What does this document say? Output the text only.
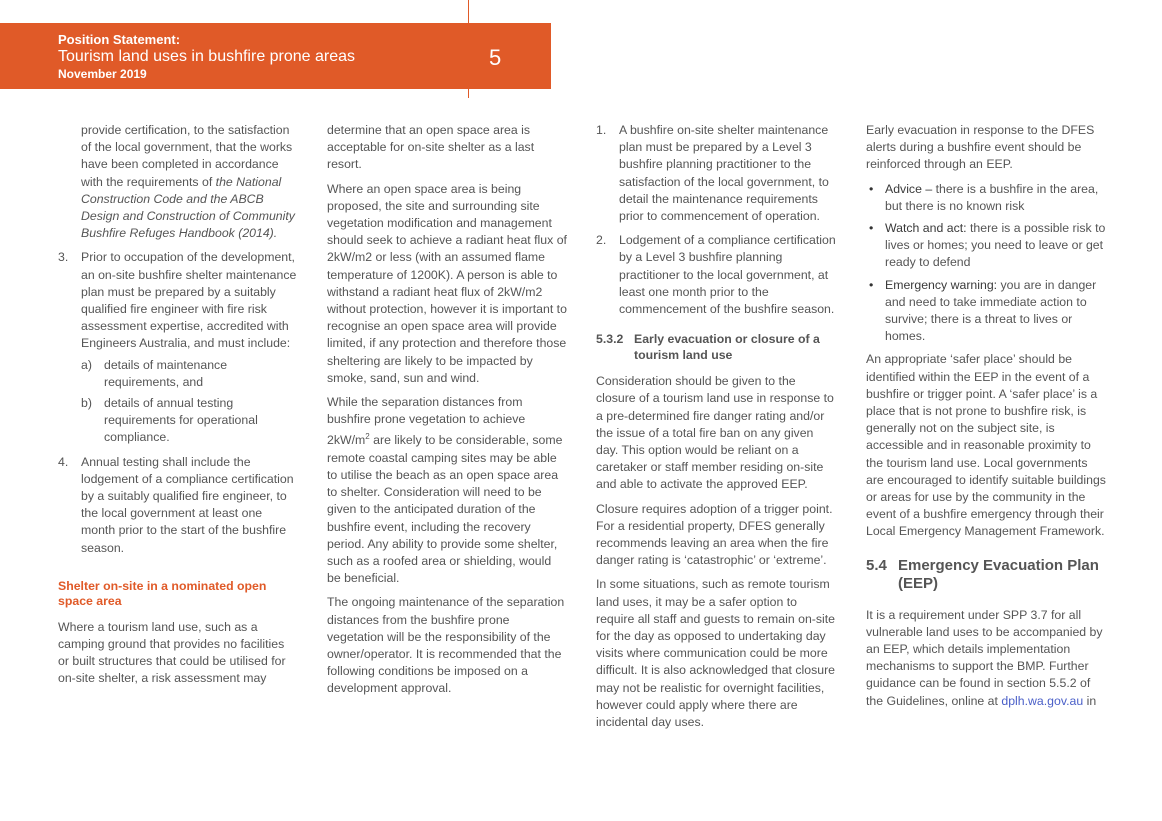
Position Statement:
Tourism land uses in bushfire prone areas
November 2019
5

provide certification, to the satisfaction of the local government, that the works have been completed in accordance with the requirements of the National Construction Code and the ABCB Design and Construction of Community Bushfire Refuges Handbook (2014).

3. Prior to occupation of the development, an on-site bushfire shelter maintenance plan must be prepared by a suitably qualified fire engineer with fire risk assessment expertise, accredited with Engineers Australia, and must include:
a) details of maintenance requirements, and
b) details of annual testing requirements for operational compliance.
4. Annual testing shall include the lodgement of a compliance certification by a suitably qualified fire engineer, to the local government at least one month prior to the start of the bushfire season.
Shelter on-site in a nominated open space area

Where a tourism land use, such as a camping ground that provides no facilities or built structures that could be utilised for on-site shelter, a risk assessment may

determine that an open space area is acceptable for on-site shelter as a last resort.

Where an open space area is being proposed, the site and surrounding site vegetation modification and management should seek to achieve a radiant heat flux of 2kW/m2 or less (with an assumed flame temperature of 1200K). A person is able to withstand a radiant heat flux of 2kW/m2 without protection, however it is important to recognise an open space area will provide limited, if any protection and therefore those sheltering are likely to be impacted by smoke, sand, sun and wind.

While the separation distances from bushfire prone vegetation to achieve $2kW/m^2$ are likely to be considerable, some remote coastal camping sites may be able to utilise the beach as an open space area to shelter. Consideration will need to be given to the anticipated duration of the bushfire event, including the recovery period. Any ability to provide some shelter, such as a roofed area or shielding, would be beneficial.

The ongoing maintenance of the separation distances from the bushfire prone vegetation will be the responsibility of the owner/operator. It is recommended that the following conditions be imposed on a development approval.

1. A bushfire on-site shelter maintenance plan must be prepared by a Level 3 bushfire planning practitioner to the satisfaction of the local government, to detail the maintenance requirements prior to commencement of operation.
2. Lodgement of a compliance certification by a Level 3 bushfire planning practitioner to the local government, at least one month prior to the commencement of the bushfire season.
5.3.2 Early evacuation or closure of a tourism land use

Consideration should be given to the closure of a tourism land use in response to a pre-determined fire danger rating and/or the issue of a total fire ban on any given day. This option would be reliant on a caretaker or staff member residing on-site and able to activate the approved EEP.

Closure requires adoption of a trigger point. For a residential property, DFES generally recommends leaving an area when the fire danger rating is ‘catastrophic’ or ‘extreme’.

In some situations, such as remote tourism land uses, it may be a safer option to require all staff and guests to remain on-site for the day as opposed to undertaking day visits where communication could be more difficult. It is also acknowledged that closure may not be realistic for overnight facilities, however could apply where there are incidental day uses.

Early evacuation in response to the DFES alerts during a bushfire event should be reinforced through an EEP.

• Advice – there is a bushfire in the area, but there is no known risk
• Watch and act: there is a possible risk to lives or homes; you need to leave or get ready to defend
• Emergency warning: you are in danger and need to take immediate action to survive; there is a threat to lives or homes.

An appropriate ‘safer place’ should be identified within the EEP in the event of a bushfire or trigger point. A ‘safer place’ is a place that is not prone to bushfire risk, is generally not on the subject site, is accessible and in reasonable proximity to the tourism land use. Local governments are encouraged to identify suitable buildings or areas for use by the community in the event of a bushfire emergency through their Local Emergency Management Framework.

5.4 Emergency Evacuation Plan (EEP)

It is a requirement under SPP 3.7 for all vulnerable land uses to be accompanied by an EEP, which details implementation mechanisms to support the BMP. Further guidance can be found in section 5.5.2 of the Guidelines, online at dplh.wa.gov.au in
